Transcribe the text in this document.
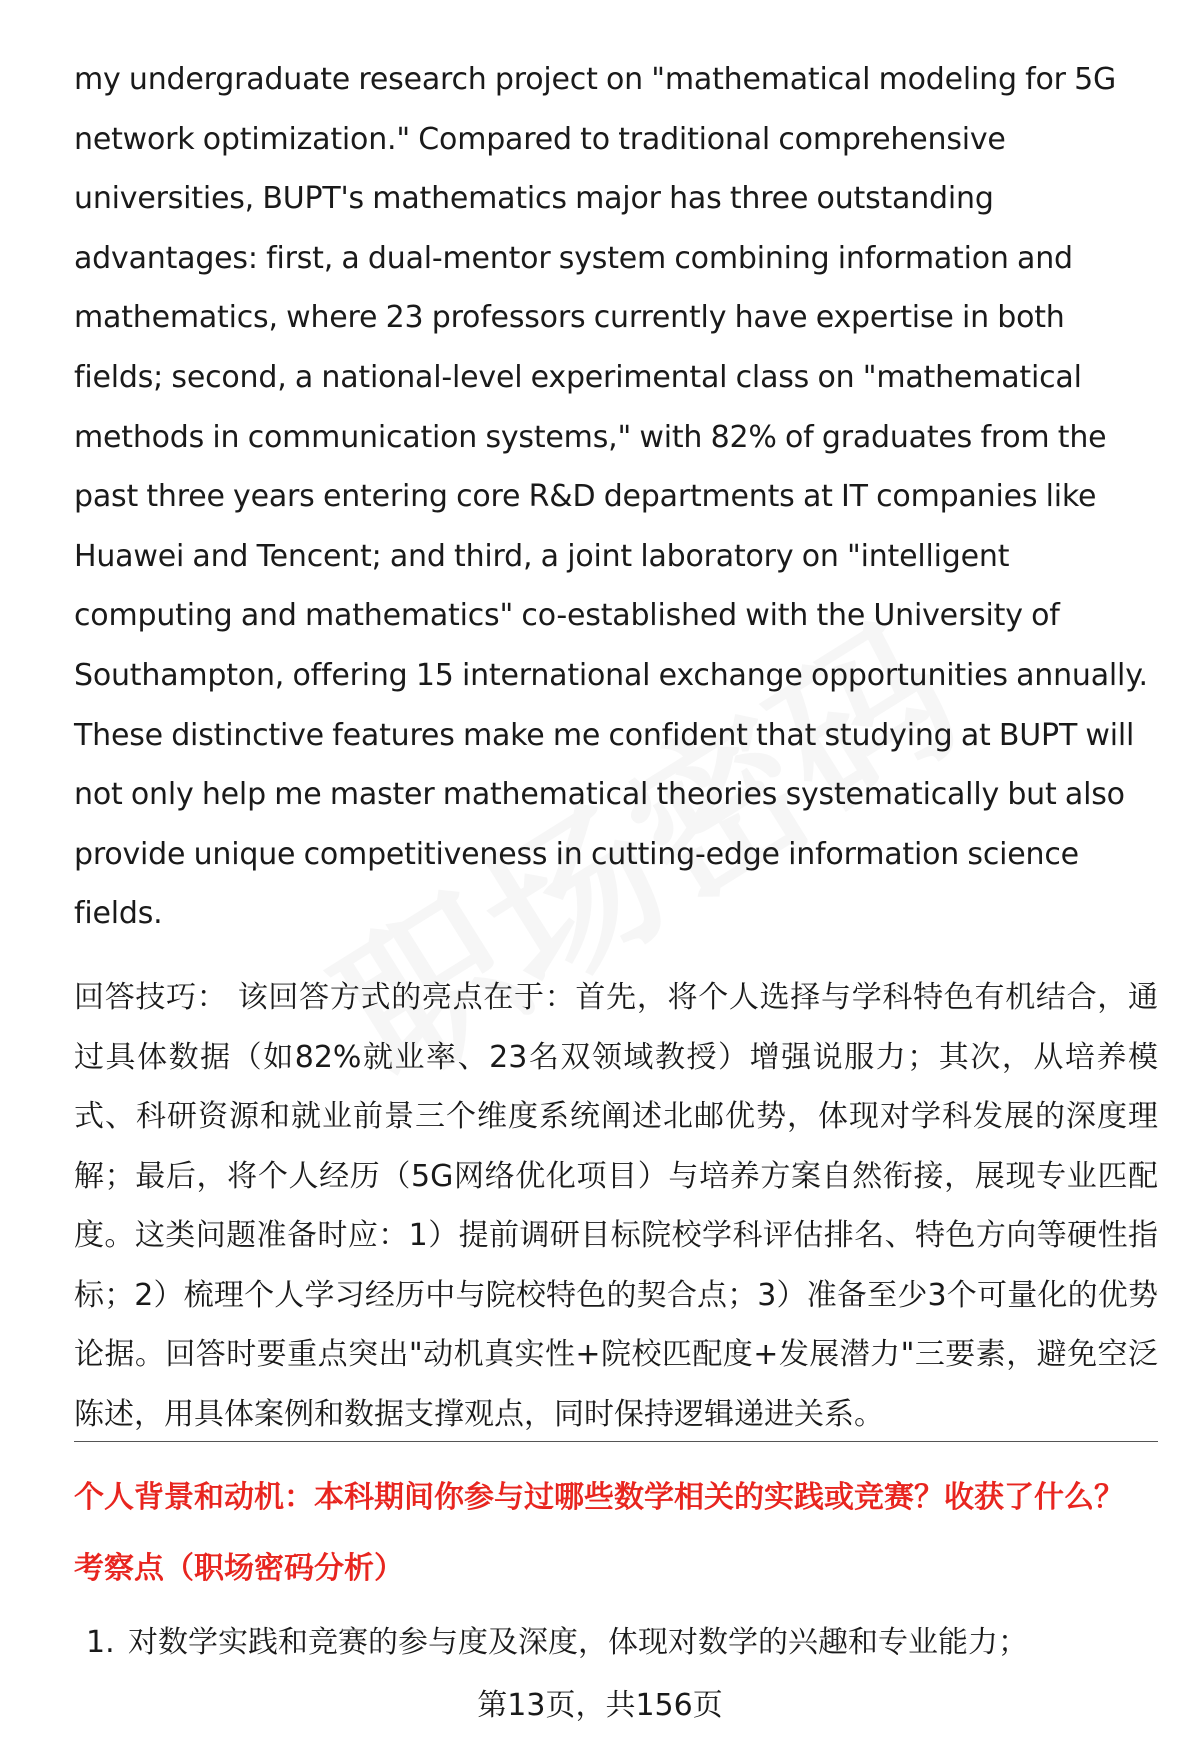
my undergraduate research project on "mathematical modeling for 5G network optimization." Compared to traditional comprehensive universities, BUPT's mathematics major has three outstanding advantages: first, a dual-mentor system combining information and mathematics, where 23 professors currently have expertise in both fields; second, a national-level experimental class on "mathematical methods in communication systems," with 82% of graduates from the past three years entering core R&D departments at IT companies like Huawei and Tencent; and third, a joint laboratory on "intelligent computing and mathematics" co-established with the University of Southampton, offering 15 international exchange opportunities annually. These distinctive features make me confident that studying at BUPT will not only help me master mathematical theories systematically but also provide unique competitiveness in cutting-edge information science fields.

回答技巧： 该回答方式的亮点在于：首先，将个人选择与学科特色有机结合，通过具体数据（如82%就业率、23名双领域教授）增强说服力；其次，从培养模式、科研资源和就业前景三个维度系统阐述北邮优势，体现对学科发展的深度理解；最后，将个人经历（5G网络优化项目）与培养方案自然衔接，展现专业匹配度。这类问题准备时应：1）提前调研目标院校学科评估排名、特色方向等硬性指标；2）梳理个人学习经历中与院校特色的契合点；3）准备至少3个可量化的优势论据。回答时要重点突出"动机真实性+院校匹配度+发展潜力"三要素，避免空泛陈述，用具体案例和数据支撑观点，同时保持逻辑递进关系。

个人背景和动机：本科期间你参与过哪些数学相关的实践或竞赛？收获了什么？
考察点（职场密码分析）
1. 对数学实践和竞赛的参与度及深度，体现对数学的兴趣和专业能力；
第13页，共156页
